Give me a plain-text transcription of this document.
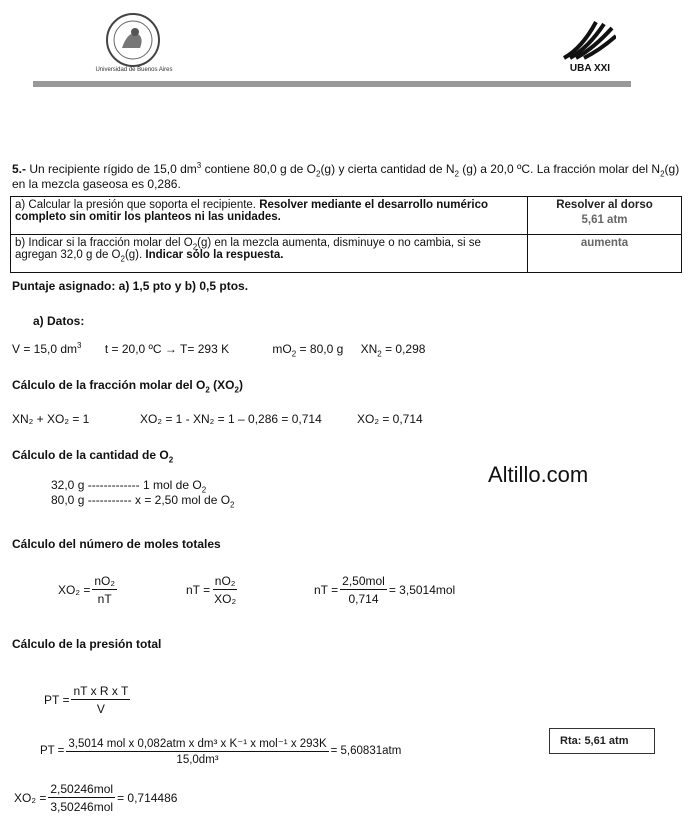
Universidad de Buenos Aires	UBA XXI
5.- Un recipiente rígido de 15,0 $dm^3$ contiene 80,0 g de $O_2(g)$ y cierta cantidad de $N_2$ (g) a 20,0 ºC. La fracción molar del $N_2(g)$
en la mezcla gaseosa es 0,286.
a) Calcular la presión que soporta el recipiente. Resolver mediante el desarrollo numérico completo sin omitir los planteos ni las unidades.	Resolver al dorso
5,61 atm

b) Indicar si la fracción molar del $O_2(g)$ en la mezcla aumenta, disminuye o no cambia, si se agregan 32,0 g de $O_2(g)$. Indicar sólo la respuesta.	aumenta
Puntaje asignado: a) 1,5 pto y b) 0,5 ptos.
a) Datos:
V = 15,0 $dm^3$ t = 20,0 ºC → T= 293 K	$mO_2 = 80,0$ g $XN_2 = 0,298$
Cálculo de la fracción molar del $O_2$ $(XO_2)$
XN₂ + XO₂ = 1	XO₂ = 1 - XN₂ = 1 – 0,286 = 0,714	XO₂ = 0,714
Cálculo de la cantidad de $O_2$
32,0 g ------------- 1 mol de $O_2$
80,0 g ----------- x = 2,50 mol de $O_2$
Altillo.com
Cálculo del número de moles totales
$XO_2 = \frac{\text{nO₂}}{nT}$	nT = $\frac{\text{nO₂}}{\text{XO₂}}$	nT = $\frac{\text{2,50mol}}{0,714} = 3,5014mol$
Cálculo de la presión total
PT = $\frac{\text{nT x R x T}}{V}$
PT = $\frac{\text{3,5014 mol x 0,082atm x dm³ x K⁻¹ x mol⁻¹ x 293K}}{\text{15,0dm³}} = 5,60831atm$
Rta: 5,61 atm
$XO_2 = \frac{\text{2,50246mol}}{\text{3,50246mol}} = 0,714486$
